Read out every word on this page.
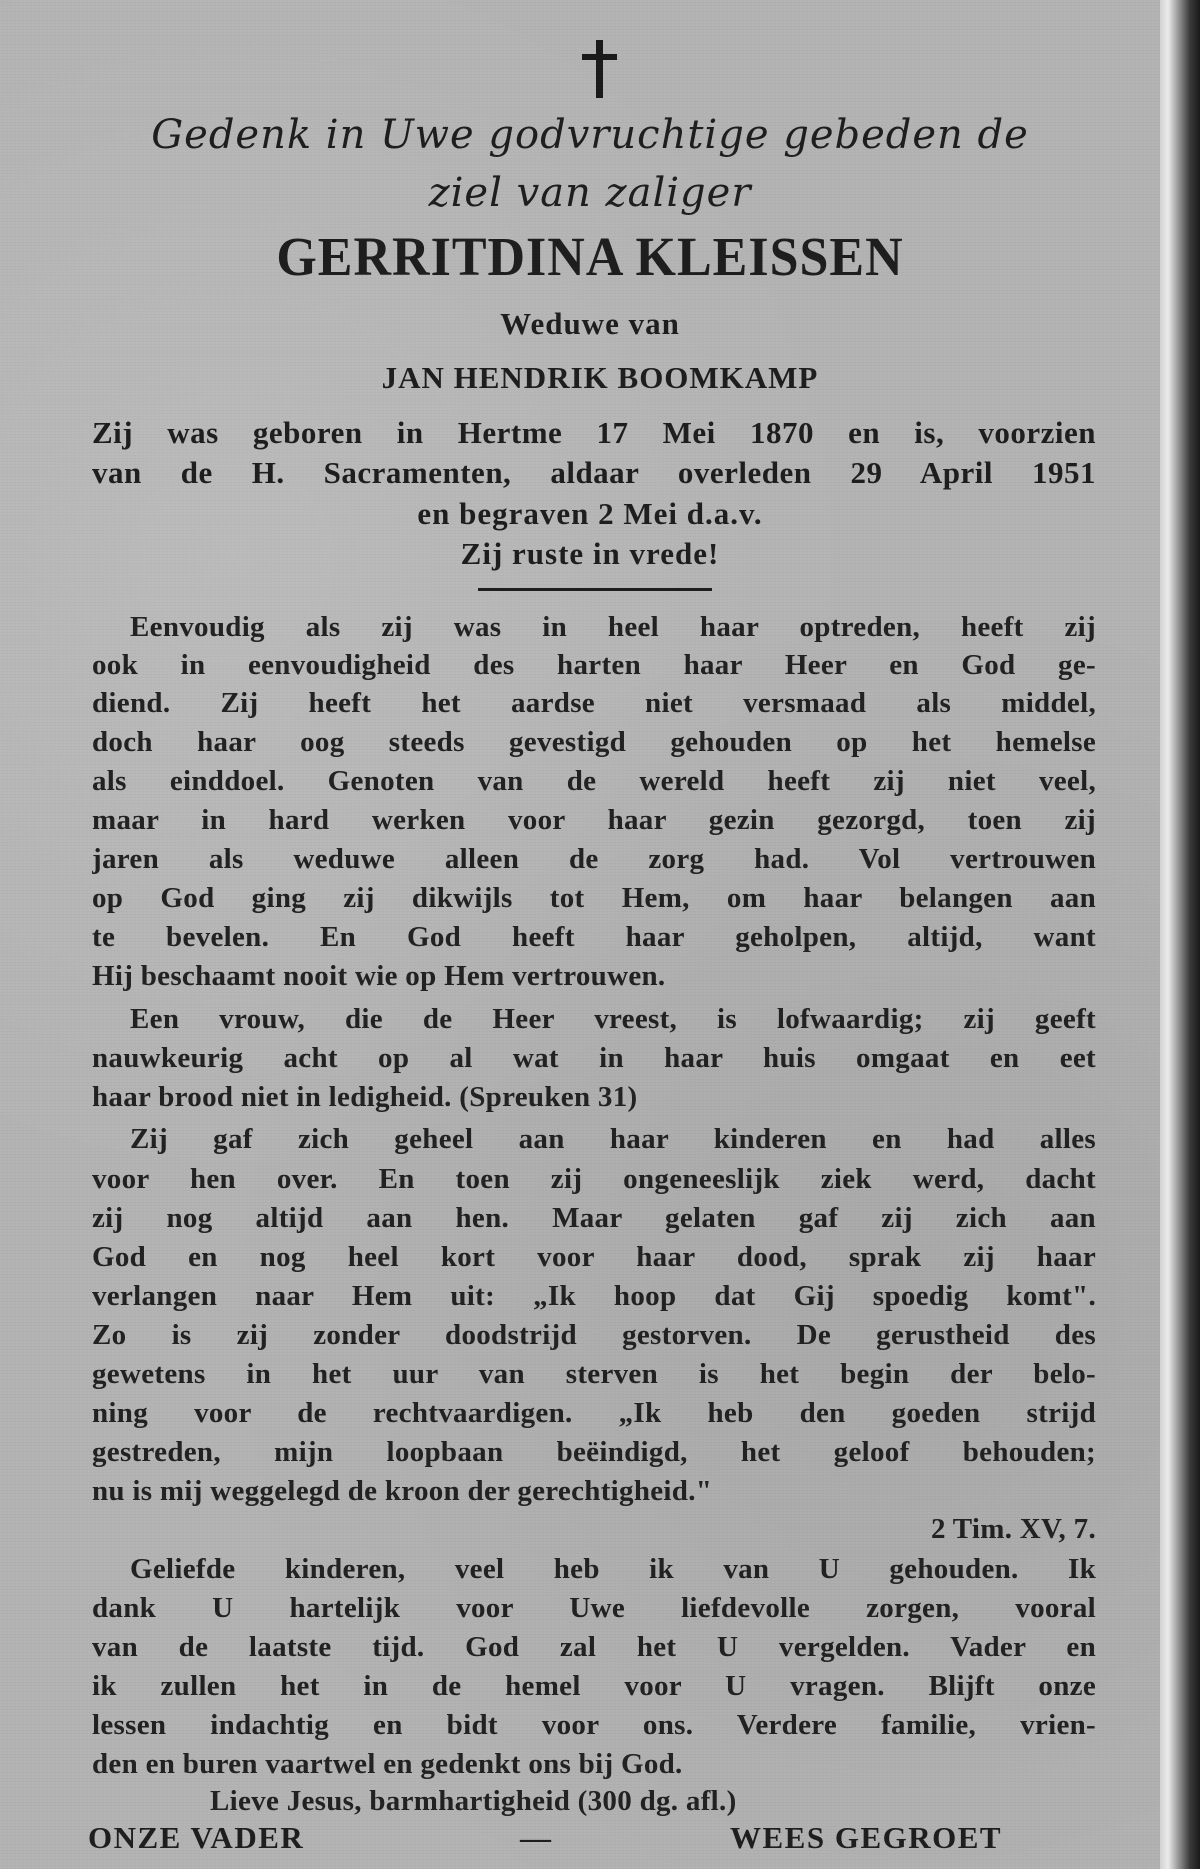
Gedenk in Uwe godvruchtige gebeden de
ziel van zaliger
GERRITDINA KLEISSEN
Weduwe van
JAN HENDRIK BOOMKAMP
Zij was geboren in Hertme 17 Mei 1870 en is, voorzien
van de H. Sacramenten, aldaar overleden 29 April 1951
en begraven 2 Mei d.a.v.
Zij ruste in vrede!
Eenvoudig als zij was in heel haar optreden, heeft zij
ook in eenvoudigheid des harten haar Heer en God ge-
diend. Zij heeft het aardse niet versmaad als middel,
doch haar oog steeds gevestigd gehouden op het hemelse
als einddoel. Genoten van de wereld heeft zij niet veel,
maar in hard werken voor haar gezin gezorgd, toen zij
jaren als weduwe alleen de zorg had. Vol vertrouwen
op God ging zij dikwijls tot Hem, om haar belangen aan
te bevelen. En God heeft haar geholpen, altijd, want
Hij beschaamt nooit wie op Hem vertrouwen.
Een vrouw, die de Heer vreest, is lofwaardig; zij geeft
nauwkeurig acht op al wat in haar huis omgaat en eet
haar brood niet in ledigheid. (Spreuken 31)
Zij gaf zich geheel aan haar kinderen en had alles
voor hen over. En toen zij ongeneeslijk ziek werd, dacht
zij nog altijd aan hen. Maar gelaten gaf zij zich aan
God en nog heel kort voor haar dood, sprak zij haar
verlangen naar Hem uit: „Ik hoop dat Gij spoedig komt".
Zo is zij zonder doodstrijd gestorven. De gerustheid des
gewetens in het uur van sterven is het begin der belo-
ning voor de rechtvaardigen. „Ik heb den goeden strijd
gestreden, mijn loopbaan beëindigd, het geloof behouden;
nu is mij weggelegd de kroon der gerechtigheid."
2 Tim. XV, 7.
Geliefde kinderen, veel heb ik van U gehouden. Ik
dank U hartelijk voor Uwe liefdevolle zorgen, vooral
van de laatste tijd. God zal het U vergelden. Vader en
ik zullen het in de hemel voor U vragen. Blijft onze
lessen indachtig en bidt voor ons. Verdere familie, vrien-
den en buren vaartwel en gedenkt ons bij God.
Lieve Jesus, barmhartigheid (300 dg. afl.)
ONZE VADER	—	WEES GEGROET
